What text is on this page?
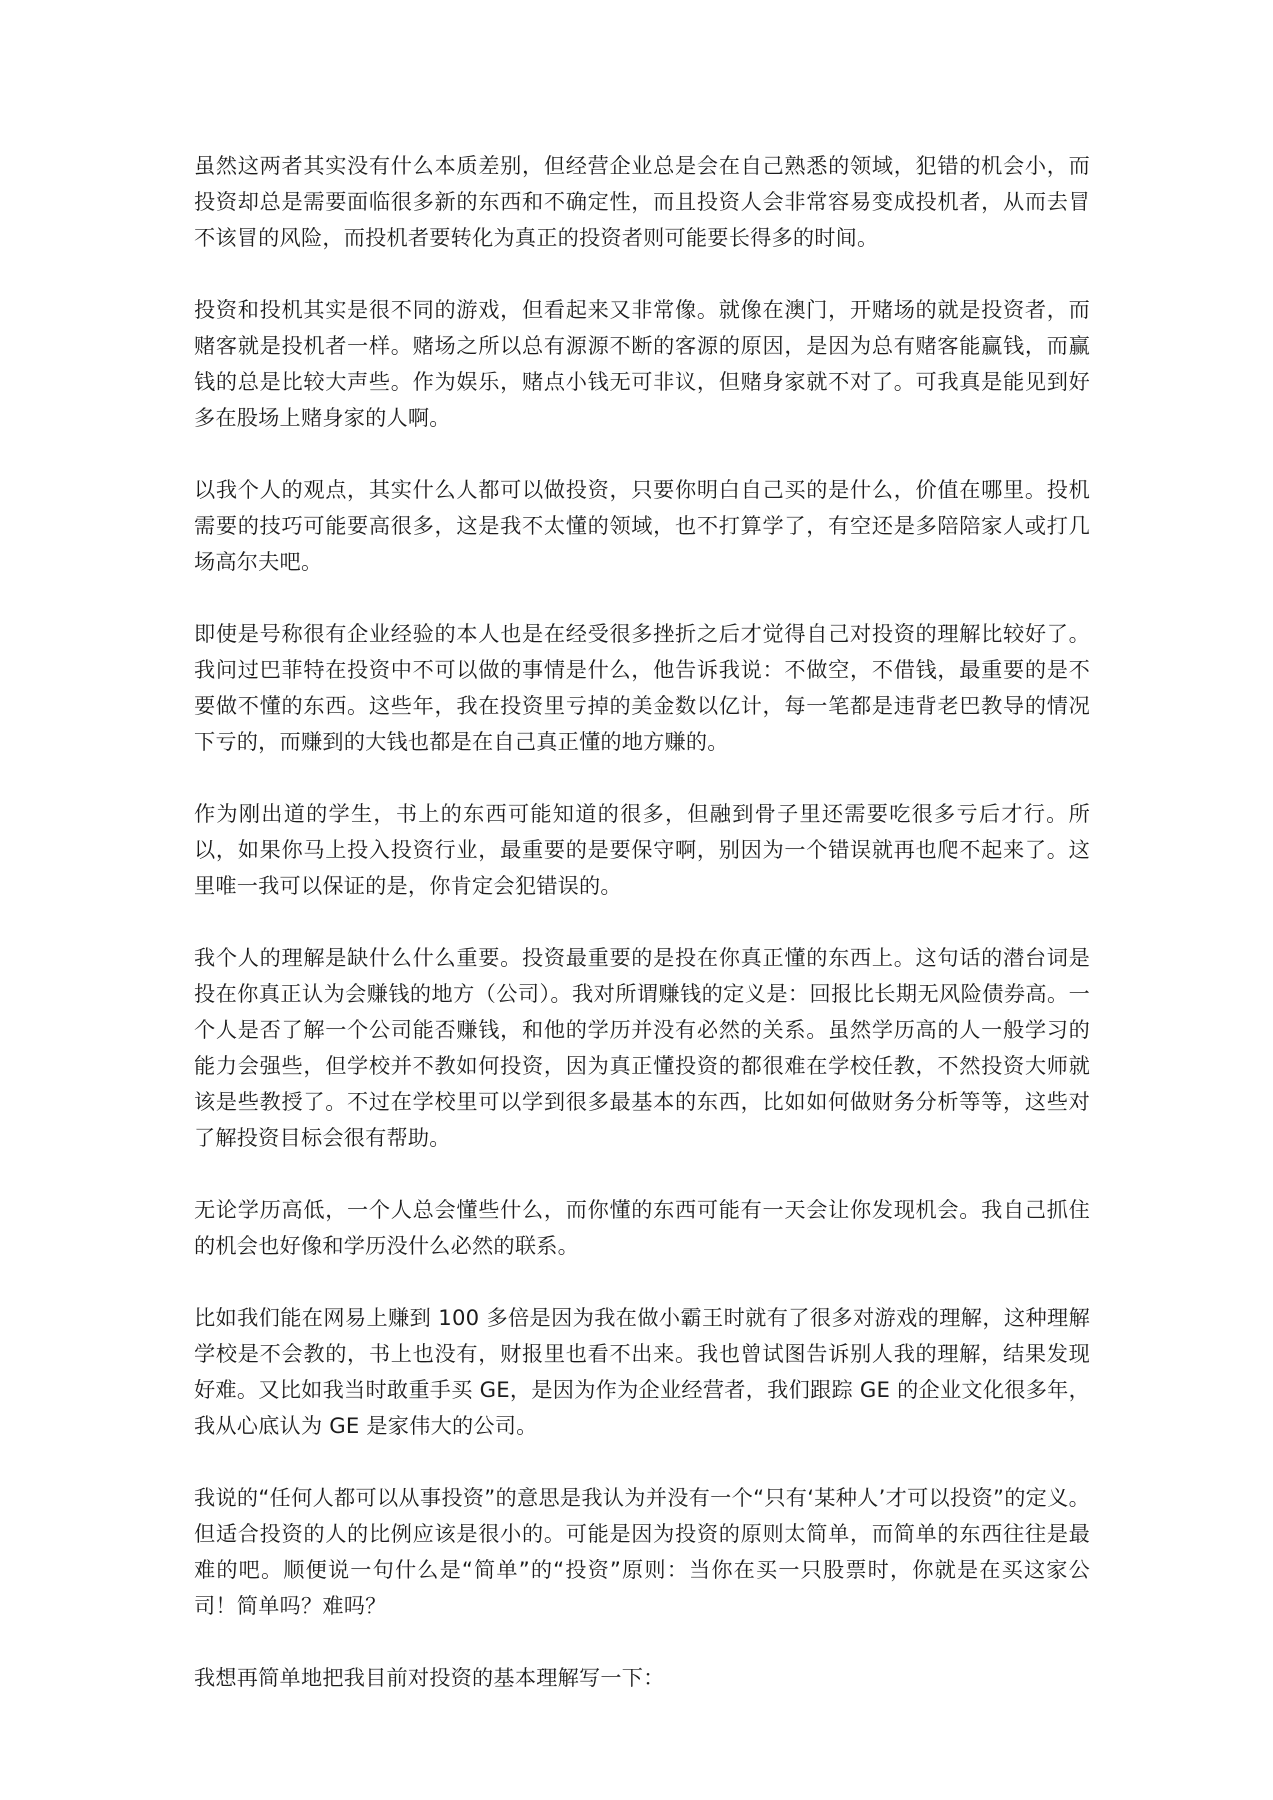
虽然这两者其实没有什么本质差别，但经营企业总是会在自己熟悉的领域，犯错的机会小，而投资却总是需要面临很多新的东西和不确定性，而且投资人会非常容易变成投机者，从而去冒不该冒的风险，而投机者要转化为真正的投资者则可能要长得多的时间。

投资和投机其实是很不同的游戏，但看起来又非常像。就像在澳门，开赌场的就是投资者，而赌客就是投机者一样。赌场之所以总有源源不断的客源的原因，是因为总有赌客能赢钱，而赢钱的总是比较大声些。作为娱乐，赌点小钱无可非议，但赌身家就不对了。可我真是能见到好多在股场上赌身家的人啊。

以我个人的观点，其实什么人都可以做投资，只要你明白自己买的是什么，价值在哪里。投机需要的技巧可能要高很多，这是我不太懂的领域，也不打算学了，有空还是多陪陪家人或打几场高尔夫吧。

即使是号称很有企业经验的本人也是在经受很多挫折之后才觉得自己对投资的理解比较好了。我问过巴菲特在投资中不可以做的事情是什么，他告诉我说：不做空，不借钱，最重要的是不要做不懂的东西。这些年，我在投资里亏掉的美金数以亿计，每一笔都是违背老巴教导的情况下亏的，而赚到的大钱也都是在自己真正懂的地方赚的。

作为刚出道的学生，书上的东西可能知道的很多，但融到骨子里还需要吃很多亏后才行。所以，如果你马上投入投资行业，最重要的是要保守啊，别因为一个错误就再也爬不起来了。这里唯一我可以保证的是，你肯定会犯错误的。

我个人的理解是缺什么什么重要。投资最重要的是投在你真正懂的东西上。这句话的潜台词是投在你真正认为会赚钱的地方（公司）。我对所谓赚钱的定义是：回报比长期无风险债券高。一个人是否了解一个公司能否赚钱，和他的学历并没有必然的关系。虽然学历高的人一般学习的能力会强些，但学校并不教如何投资，因为真正懂投资的都很难在学校任教，不然投资大师就该是些教授了。不过在学校里可以学到很多最基本的东西，比如如何做财务分析等等，这些对了解投资目标会很有帮助。

无论学历高低，一个人总会懂些什么，而你懂的东西可能有一天会让你发现机会。我自己抓住的机会也好像和学历没什么必然的联系。

比如我们能在网易上赚到 100 多倍是因为我在做小霸王时就有了很多对游戏的理解，这种理解学校是不会教的，书上也没有，财报里也看不出来。我也曾试图告诉别人我的理解，结果发现好难。又比如我当时敢重手买 GE，是因为作为企业经营者，我们跟踪 GE 的企业文化很多年，我从心底认为 GE 是家伟大的公司。

我说的“任何人都可以从事投资”的意思是我认为并没有一个“只有‘某种人’才可以投资”的定义。但适合投资的人的比例应该是很小的。可能是因为投资的原则太简单，而简单的东西往往是最难的吧。顺便说一句什么是“简单”的“投资”原则：当你在买一只股票时，你就是在买这家公司！简单吗？难吗？

我想再简单地把我目前对投资的基本理解写一下：
